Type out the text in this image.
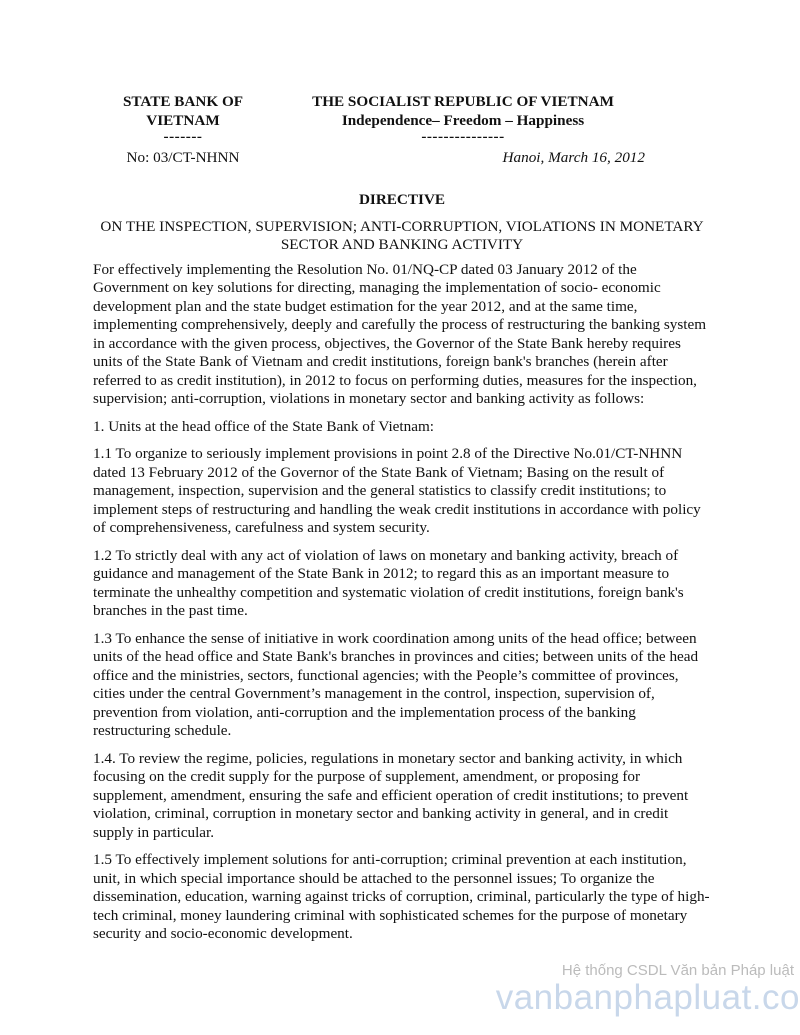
STATE BANK OF
VIETNAM
-------
THE SOCIALIST REPUBLIC OF VIETNAM
Independence– Freedom – Happiness
---------------
No: 03/CT-NHNN	Hanoi, March 16, 2012
DIRECTIVE
ON THE INSPECTION, SUPERVISION; ANTI-CORRUPTION, VIOLATIONS IN MONETARY SECTOR AND BANKING ACTIVITY

For effectively implementing the Resolution No. 01/NQ-CP dated 03 January 2012 of the Government on key solutions for directing, managing the implementation of socio- economic development plan and the state budget estimation for the year 2012, and at the same time, implementing comprehensively, deeply and carefully the process of restructuring the banking system in accordance with the given process, objectives, the Governor of the State Bank hereby requires units of the State Bank of Vietnam and credit institutions, foreign bank's branches (herein after referred to as credit institution), in 2012 to focus on performing duties, measures for the inspection, supervision; anti-corruption, violations in monetary sector and banking activity as follows:

1. Units at the head office of the State Bank of Vietnam:

1.1 To organize to seriously implement provisions in point 2.8 of the Directive No.01/CT-NHNN dated 13 February 2012 of the Governor of the State Bank of Vietnam; Basing on the result of management, inspection, supervision and the general statistics to classify credit institutions; to implement steps of restructuring and handling the weak credit institutions in accordance with policy of comprehensiveness, carefulness and system security.

1.2 To strictly deal with any act of violation of laws on monetary and banking activity, breach of guidance and management of the State Bank in 2012; to regard this as an important measure to terminate the unhealthy competition and systematic violation of credit institutions, foreign bank's branches in the past time.

1.3 To enhance the sense of initiative in work coordination among units of the head office; between units of the head office and State Bank's branches in provinces and cities; between units of the head office and the ministries, sectors, functional agencies; with the People’s committee of provinces, cities under the central Government’s management in the control, inspection, supervision of, prevention from violation, anti-corruption and the implementation process of the banking restructuring schedule.

1.4. To review the regime, policies, regulations in monetary sector and banking activity, in which focusing on the credit supply for the purpose of supplement, amendment, or proposing for supplement, amendment, ensuring the safe and efficient operation of credit institutions; to prevent violation, criminal, corruption in monetary sector and banking activity in general, and in credit supply in particular.

1.5 To effectively implement solutions for anti-corruption; criminal prevention at each institution, unit, in which special importance should be attached to the personnel issues; To organize the dissemination, education, warning against tricks of corruption, criminal, particularly the type of high-tech criminal, money laundering criminal with sophisticated schemes for the purpose of monetary security and socio-economic development.

Hệ thống CSDL Văn bản Pháp luật
vanbanphapluat.co
